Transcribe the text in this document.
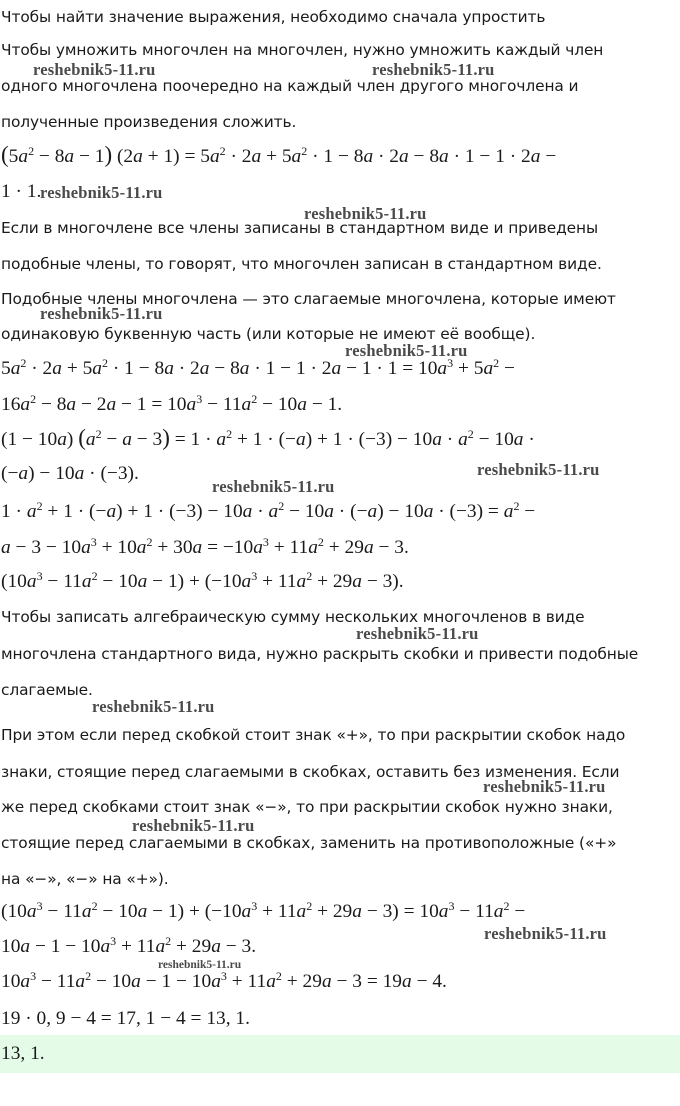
Чтобы найти значение выражения, необходимо сначала упростить
Чтобы умножить многочлен на многочлен, нужно умножить каждый член
reshebnik5-11.ru	reshebnik5-11.ru
одного многочлена поочередно на каждый член другого многочлена и
полученные произведения сложить.
$(5a^2 - 8a - 1) (2a + 1) = 5a^2 \cdot 2a + 5a^2 \cdot 1 - 8a \cdot 2a - 8a \cdot 1 - 1 \cdot 2a$ −
1 · 1.
reshebnik5-11.ru
reshebnik5-11.ru
Если в многочлене все члены записаны в стандартном виде и приведены
подобные члены, то говорят, что многочлен записан в стандартном виде.
Подобные члены многочлена — это слагаемые многочлена, которые имеют
reshebnik5-11.ru
одинаковую буквенную часть (или которые не имеют её вообще).
reshebnik5-11.ru
$5a^2 \cdot 2a + 5a^2 \cdot 1 - 8a \cdot 2a - 8a \cdot 1 - 1 \cdot 2a - 1 \cdot 1 = 10a^3 + 5a^2$ −
$16a^2 - 8a - 2a - 1 = 10a^3 - 11a^2 - 10a - 1$.
(1 − 10a) $(a^2 - a - 3) = 1 \cdot a^2 + 1 \cdot (-a) + 1 \cdot (-3) - 10a \cdot a^2 - 10a$ ·
(−a) − 10a · (−3).	reshebnik5-11.ru
reshebnik5-11.ru
$1 \cdot a^2 + 1 \cdot (-a) + 1 \cdot (-3) - 10a \cdot a^2 - 10a \cdot (-a) - 10a \cdot (-3) = a^2$ −
$a - 3 - 10a^3 + 10a^2 + 30a = -10a^3 + 11a^2 + 29a - 3$.
$(10a^3 - 11a^2 - 10a - 1) + (-10a^3 + 11a^2 + 29a - 3)$.
Чтобы записать алгебраическую сумму нескольких многочленов в виде
reshebnik5-11.ru
многочлена стандартного вида, нужно раскрыть скобки и привести подобные
слагаемые.
reshebnik5-11.ru
При этом если перед скобкой стоит знак «+», то при раскрытии скобок надо
знаки, стоящие перед слагаемыми в скобках, оставить без изменения. Если
reshebnik5-11.ru
же перед скобками стоит знак «−», то при раскрытии скобок нужно знаки,
reshebnik5-11.ru
стоящие перед слагаемыми в скобках, заменить на противоположные («+»
на «−», «−» на «+»).
$(10a^3 - 11a^2 - 10a - 1) + (-10a^3 + 11a^2 + 29a - 3) = 10a^3 - 11a^2$ −
reshebnik5-11.ru
$10a - 1 - 10a^3 + 11a^2 + 29a - 3$.
reshebnik5-11.ru
$10a^3 - 11a^2 - 10a - 1 - 10a^3 + 11a^2 + 29a - 3 = 19a - 4$.
19 · 0, 9 − 4 = 17, 1 − 4 = 13, 1.
13, 1.
